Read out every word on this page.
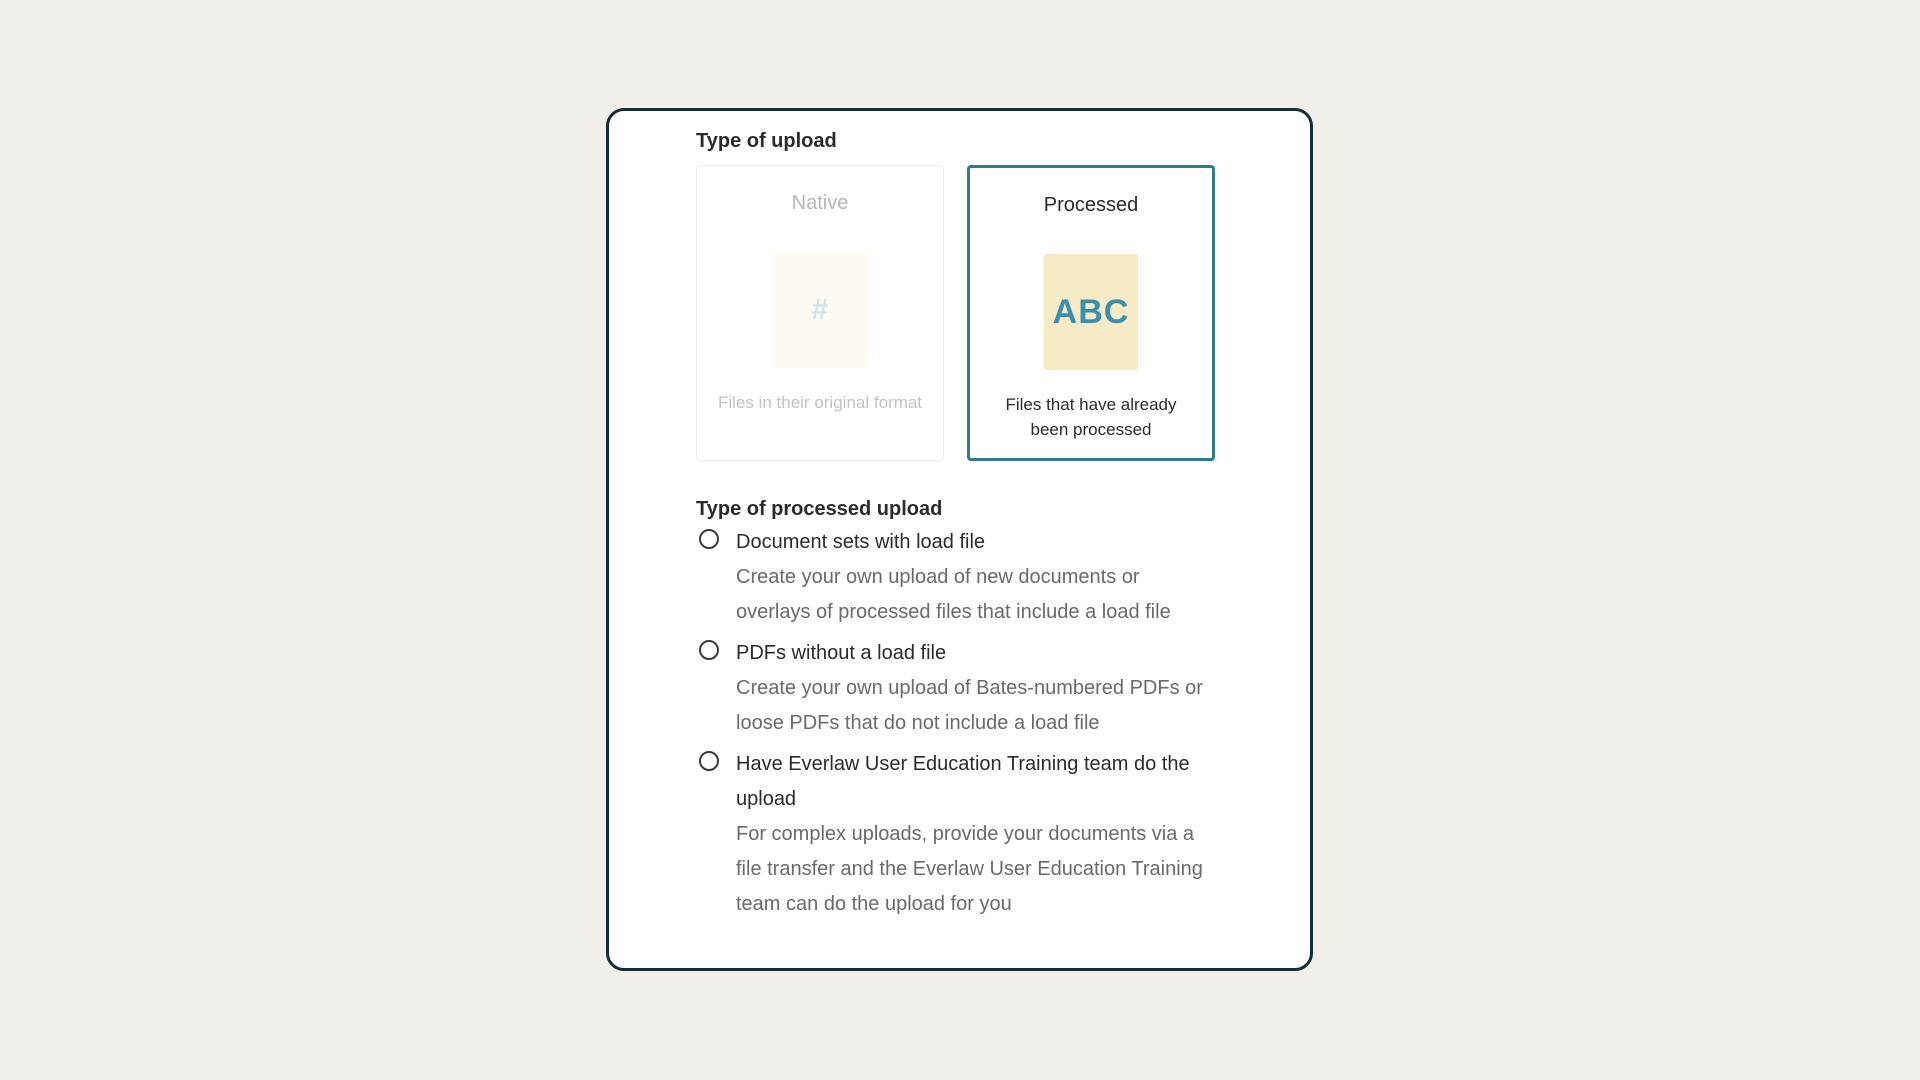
Type of upload
Native
#
Files in their original format
Processed
ABC
Files that have already been processed
Type of processed upload
Document sets with load file
Create your own upload of new documents or overlays of processed files that include a load file
PDFs without a load file
Create your own upload of Bates-numbered PDFs or loose PDFs that do not include a load file
Have Everlaw User Education Training team do the upload
For complex uploads, provide your documents via a file transfer and the Everlaw User Education Training team can do the upload for you
